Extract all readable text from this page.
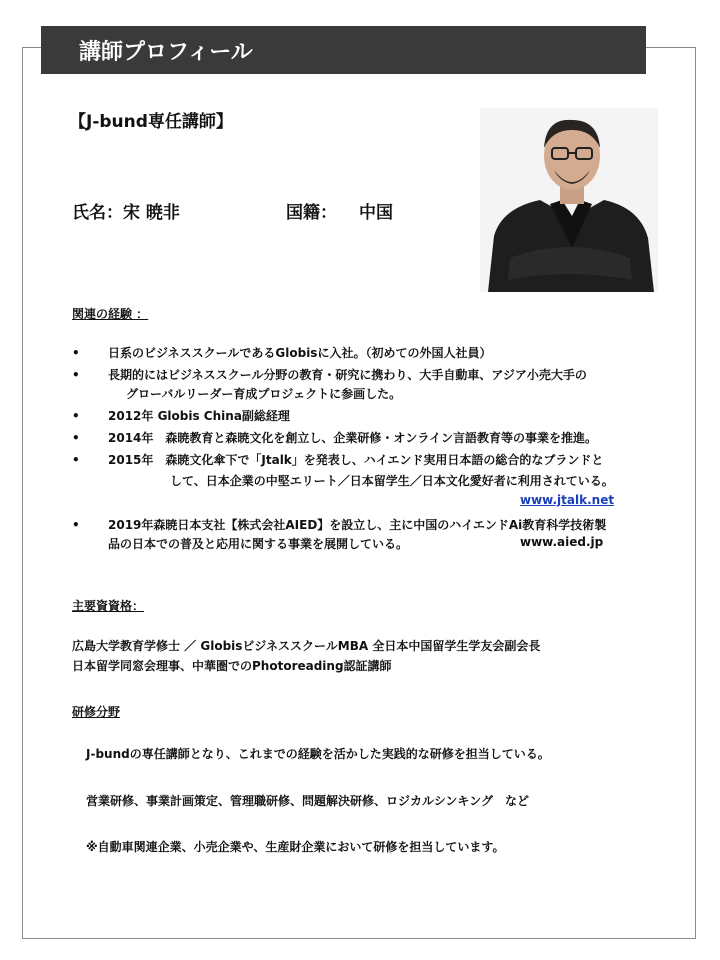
講師プロフィール
【J-bund専任講師】
氏名：宋 暁非	国籍： 中国
関連の経験 ：
• 日系のビジネススクールであるGlobisに入社。（初めての外国人社員）
• 長期的にはビジネススクール分野の教育・研究に携わり、大手自動車、アジア小売大手の
グローバルリーダー育成プロジェクトに参画した。
• 2012年 Globis China副総経理
• 2014年　森暁教育と森暁文化を創立し、企業研修・オンライン言語教育等の事業を推進。
• 2015年　森暁文化傘下で「Jtalk」を発表し、ハイエンド実用日本語の総合的なブランドと
して、日本企業の中堅エリート／日本留学生／日本文化愛好者に利用されている。
www.jtalk.net
• 2019年森暁日本支社【株式会社AIED】を設立し、主に中国のハイエンドAi教育科学技術製
品の日本での普及と応用に関する事業を展開している。	www.aied.jp
主要資資格：
広島大学教育学修士 ／ GlobisビジネススクールMBA 全日本中国留学生学友会副会長
日本留学同窓会理事、中華圏でのPhotoreading認証講師
研修分野
J-bundの専任講師となり、これまでの経験を活かした実践的な研修を担当している。
営業研修、事業計画策定、管理職研修、問題解決研修、ロジカルシンキング　など
※自動車関連企業、小売企業や、生産財企業において研修を担当しています。
